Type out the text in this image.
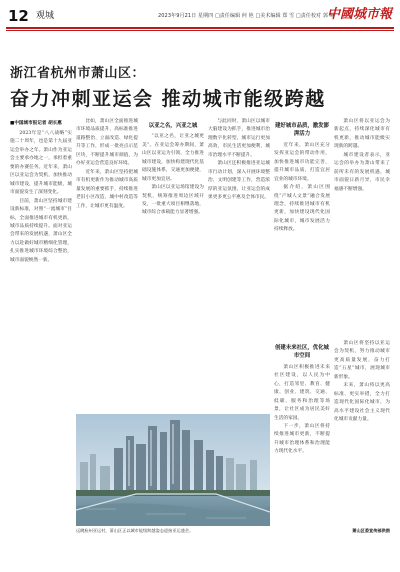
12 观城	2023年9月21日 星期四 □责任编辑 何 艳 □美术编辑 郑 雪 □责任校对 郭 琳
中國城市報
浙江省杭州市萧山区：
奋力冲刺亚运会 推动城市能级跨越
■中国城市报记者 胡长惠

2023年是“八八战略”实施二十周年，也是第十九届亚运会举办之年。萧山作为亚运会主要承办地之一，承担着重要的办赛任务。近年来，萧山区以亚运会为契机，加快推动城市建设，提升城市能级，城市面貌发生了深刻变化。

目前，萧山区坚持城市建设新标准，对照“一流城市”目标，全面推进城市有机更新，城市品质持续提升。面对亚运会带来的发展机遇，萧山区全力以赴做好城市精细化管理，扎实推进城市环境综合整治，城市面貌焕然一新。

比如，萧山区全面推进城市环境品质提升，高标准推进道路整治、立面改造、绿化提升等工作，形成一批亮点示范区块，不断提升城市颜值，为办好亚运会营造良好环境。

近年来，萧山区坚持把城市有机更新作为推动城市高质量发展的重要抓手，持续推进老旧小区改造、城中村改造等工作，让城市更有温度。

以亚之名，兴亚之城

“以亚之名，让亚之城更美”。在亚运会筹办期间，萧山区以亚运为引领，全力推进城市建设，加快构建现代化基础设施体系，交通更加便捷，城市更加宜居。

萧山区以亚运场馆建设为契机，统筹推进周边区域开发，一批重大项目相继落地，城市综合承载能力显著增强。

与此同时，萧山区以城市大脑建设为抓手，推进城市治理数字化转型，城市运行更加高效，市民生活更加便利，城市治理水平不断提升。

萧山区还积极推进亚运城市行动计划，深入开展环境整治、文明创建等工作，营造浓厚的亚运氛围，让亚运会的成果更多更公平惠及全体市民。

建好城市品质，激发澎湃活力

近年来，萧山区充分发挥亚运会的带动作用，加快推进城市功能完善，提升城市品质，打造宜居宜业的城市环境。

据介绍，萧山区围绕“产城人文景”融合发展理念，持续推进城市有机更新，加快建设现代化国际化城市，城市发展活力持续释放。

萧山区将以亚运会为新起点，持续深化城市有机更新，推动城市能级实现新的跨越。

城市建设者表示，亚运会的举办为萧山带来了前所未有的发展机遇，城市面貌日新月异，市民幸福感不断增强。

创建未来社区，优化城市空间

萧山区积极推进未来社区建设，以人民为中心，打造邻里、教育、健康、创业、建筑、交通、低碳、服务和治理等场景，让社区成为居民美好生活的家园。

下一步，萧山区将持续推进城市更新，不断提升城市治理体系和治理能力现代化水平。

萧山区将坚持以亚运会为契机，努力推动城市更高质量发展，奋力打造“五星”城市，展现城市新形象。

未来，萧山将以更高标准、更实举措，全力打造现代化国际化城市，为高水平建设社会主义现代化城市贡献力量。

远眺杭州亚运村，萧山区正以城市能级跨越姿态迎接亚运盛会。	萧山区委宣传部供图
